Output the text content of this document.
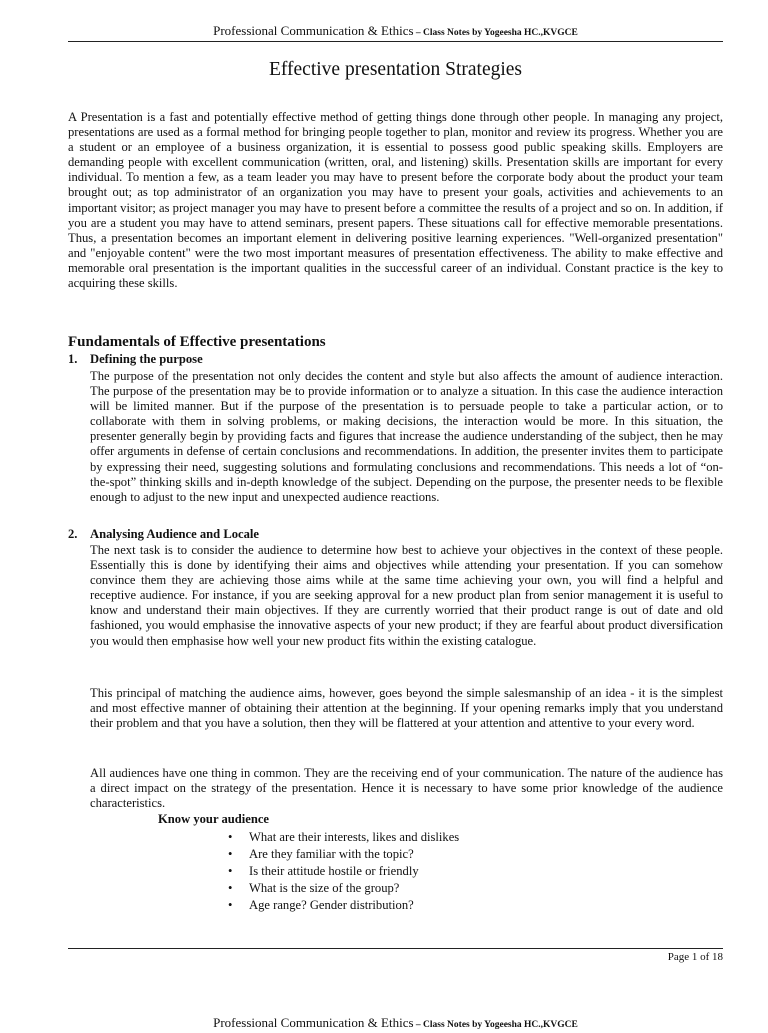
Professional Communication & Ethics – Class Notes by Yogeesha HC.,KVGCE
Effective presentation Strategies

A Presentation is a fast and potentially effective method of getting things done through other people. In managing any project, presentations are used as a formal method for bringing people together to plan, monitor and review its progress. Whether you are a student or an employee of a business organization, it is essential to possess good public speaking skills. Employers are demanding people with excellent communication (written, oral, and listening) skills. Presentation skills are important for every individual. To mention a few, as a team leader you may have to present before the corporate body about the product your team brought out; as top administrator of an organization you may have to present your goals, activities and achievements to an important visitor; as project manager you may have to present before a committee the results of a project and so on. In addition, if you are a student you may have to attend seminars, present papers. These situations call for effective memorable presentations. Thus, a presentation becomes an important element in delivering positive learning experiences. "Well-organized presentation" and "enjoyable content" were the two most important measures of presentation effectiveness. The ability to make effective and memorable oral presentation is the important qualities in the successful career of an individual. Constant practice is the key to acquiring these skills.

Fundamentals of Effective presentations
1. Defining the purpose

The purpose of the presentation not only decides the content and style but also affects the amount of audience interaction. The purpose of the presentation may be to provide information or to analyze a situation. In this case the audience interaction will be limited manner. But if the purpose of the presentation is to persuade people to take a particular action, or to collaborate with them in solving problems, or making decisions, the interaction would be more. In this situation, the presenter generally begin by providing facts and figures that increase the audience understanding of the subject, then he may offer arguments in defense of certain conclusions and recommendations. In addition, the presenter invites them to participate by expressing their need, suggesting solutions and formulating conclusions and recommendations. This needs a lot of “on-the-spot” thinking skills and in-depth knowledge of the subject. Depending on the purpose, the presenter needs to be flexible enough to adjust to the new input and unexpected audience reactions.

2. Analysing Audience and Locale

The next task is to consider the audience to determine how best to achieve your objectives in the context of these people. Essentially this is done by identifying their aims and objectives while attending your presentation. If you can somehow convince them they are achieving those aims while at the same time achieving your own, you will find a helpful and receptive audience. For instance, if you are seeking approval for a new product plan from senior management it is useful to know and understand their main objectives. If they are currently worried that their product range is out of date and old fashioned, you would emphasise the innovative aspects of your new product; if they are fearful about product diversification you would then emphasise how well your new product fits within the existing catalogue.

This principal of matching the audience aims, however, goes beyond the simple salesmanship of an idea - it is the simplest and most effective manner of obtaining their attention at the beginning. If your opening remarks imply that you understand their problem and that you have a solution, then they will be flattered at your attention and attentive to your every word.

All audiences have one thing in common. They are the receiving end of your communication. The nature of the audience has a direct impact on the strategy of the presentation. Hence it is necessary to have some prior knowledge of the audience characteristics.

Know your audience
• What are their interests, likes and dislikes
• Are they familiar with the topic?
• Is their attitude hostile or friendly
• What is the size of the group?
• Age range? Gender distribution?
Page 1 of 18
Professional Communication & Ethics – Class Notes by Yogeesha HC.,KVGCE
